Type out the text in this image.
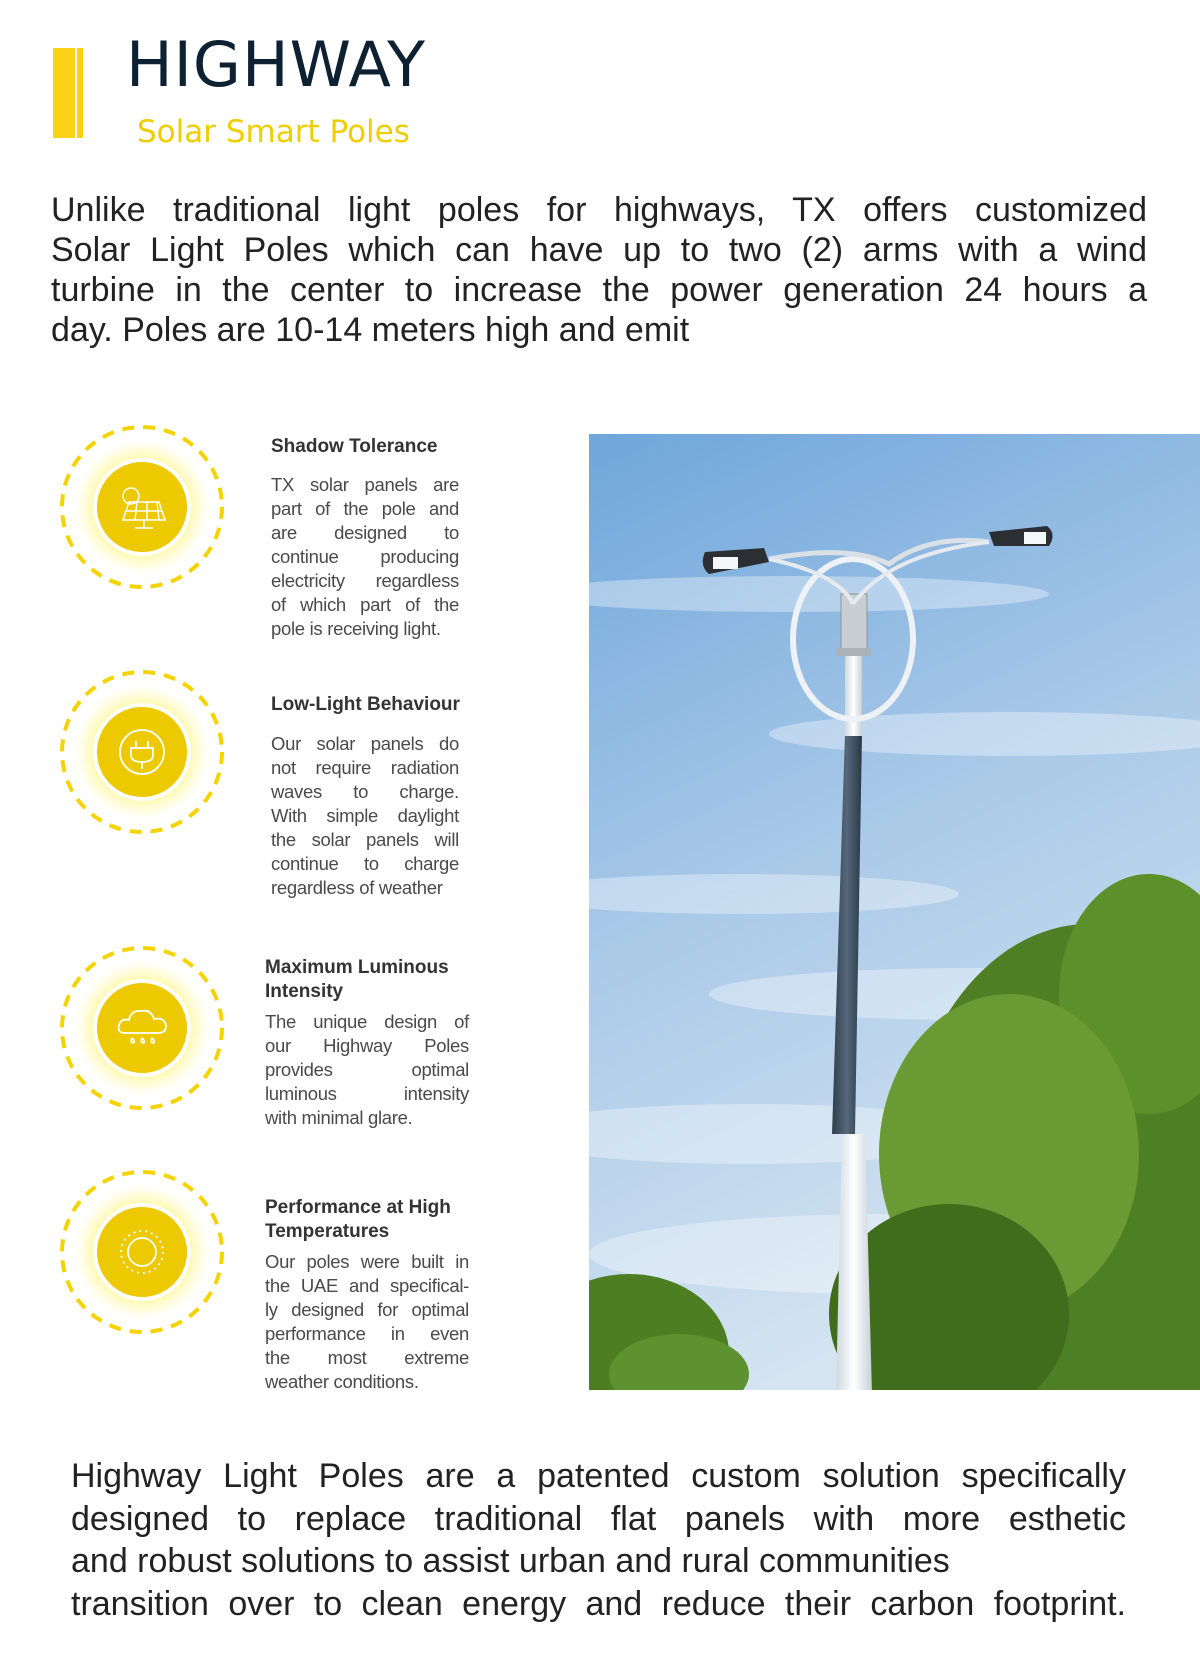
HIGHWAY
Solar Smart Poles
Unlike traditional light poles for highways, TX offers customized
Solar Light Poles which can have up to two (2) arms with a wind
turbine in the center to increase the power generation 24 hours a
day. Poles are 10-14 meters high and emit
Shadow Tolerance
TX solar panels are
part of the pole and
are designed to
continue producing
electricity regardless
of which part of the
pole is receiving light.
Low-Light Behaviour
Our solar panels do
not require radiation
waves to charge.
With simple daylight
the solar panels will
continue to charge
regardless of weather
Maximum Luminous
Intensity
The unique design of
our Highway Poles
provides optimal
luminous intensity
with minimal glare.
Performance at High
Temperatures
Our poles were built in
the UAE and specifical-
ly designed for optimal
performance in even
the most extreme
weather conditions.
Highway Light Poles are a patented custom solution specifically
designed to replace traditional flat panels with more esthetic
and robust solutions to assist urban and rural communities
transition over to clean energy and reduce their carbon footprint.
